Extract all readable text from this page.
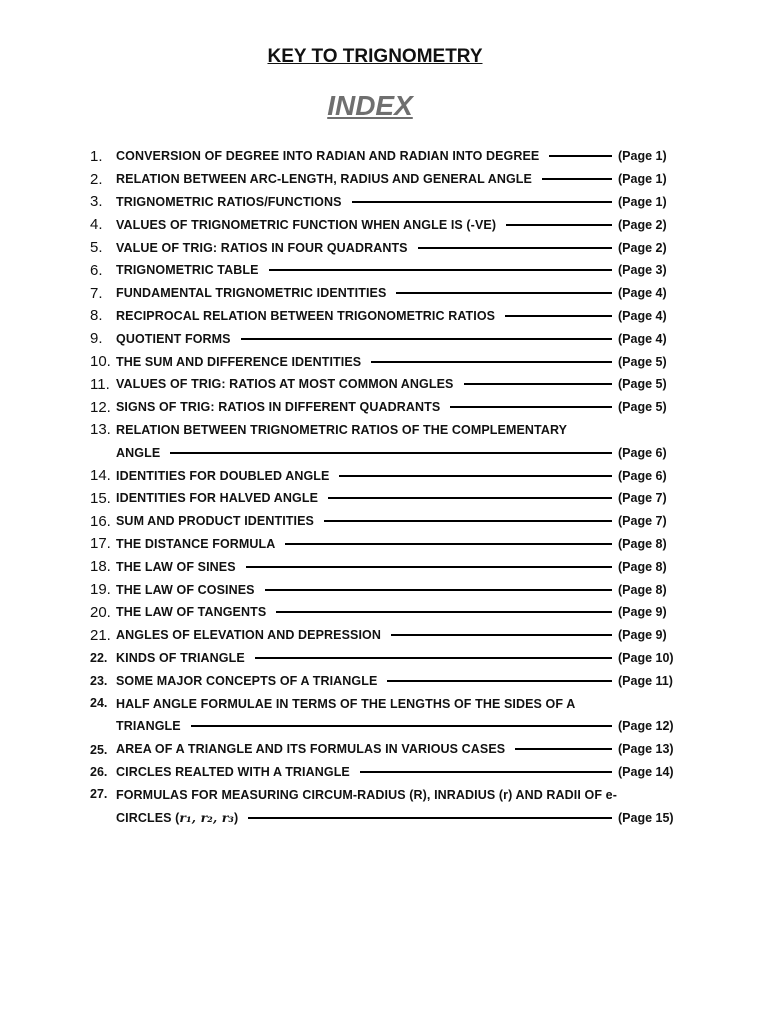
KEY TO TRIGNOMETRY
INDEX
1.	CONVERSION OF DEGREE INTO RADIAN AND RADIAN INTO DEGREE	(Page 1)
2.	RELATION BETWEEN ARC-LENGTH, RADIUS AND GENERAL ANGLE	(Page 1)
3.	TRIGNOMETRIC RATIOS/FUNCTIONS	(Page 1)
4.	VALUES OF TRIGNOMETRIC FUNCTION WHEN ANGLE IS (-VE)	(Page 2)
5.	VALUE OF TRIG: RATIOS IN FOUR QUADRANTS	(Page 2)
6.	TRIGNOMETRIC TABLE	(Page 3)
7.	FUNDAMENTAL TRIGNOMETRIC IDENTITIES	(Page 4)
8.	RECIPROCAL RELATION BETWEEN TRIGONOMETRIC RATIOS	(Page 4)
9.	QUOTIENT FORMS	(Page 4)
10. THE SUM AND DIFFERENCE IDENTITIES	(Page 5)
11. VALUES OF TRIG: RATIOS AT MOST COMMON ANGLES	(Page 5)
12. SIGNS OF TRIG: RATIOS IN DIFFERENT QUADRANTS	(Page 5)
13. RELATION BETWEEN TRIGNOMETRIC RATIOS OF THE COMPLEMENTARY
ANGLE	(Page 6)
14. IDENTITIES FOR DOUBLED ANGLE	(Page 6)
15. IDENTITIES FOR HALVED ANGLE	(Page 7)
16. SUM AND PRODUCT IDENTITIES	(Page 7)
17. THE DISTANCE FORMULA	(Page 8)
18. THE LAW OF SINES	(Page 8)
19. THE LAW OF COSINES	(Page 8)
20. THE LAW OF TANGENTS	(Page 9)
21. ANGLES OF ELEVATION AND DEPRESSION	(Page 9)
22. KINDS OF TRIANGLE	(Page 10)
23. SOME MAJOR CONCEPTS OF A TRIANGLE	(Page 11)
24. HALF ANGLE FORMULAE IN TERMS OF THE LENGTHS OF THE SIDES OF A
TRIANGLE	(Page 12)
25. AREA OF A TRIANGLE AND ITS FORMULAS IN VARIOUS CASES	(Page 13)
26. CIRCLES REALTED WITH A TRIANGLE	(Page 14)
27. FORMULAS FOR MEASURING CIRCUM-RADIUS (R), INRADIUS (r) AND RADII OF e-
CIRCLES ( r₁, r₂, r₃ )	(Page 15)
